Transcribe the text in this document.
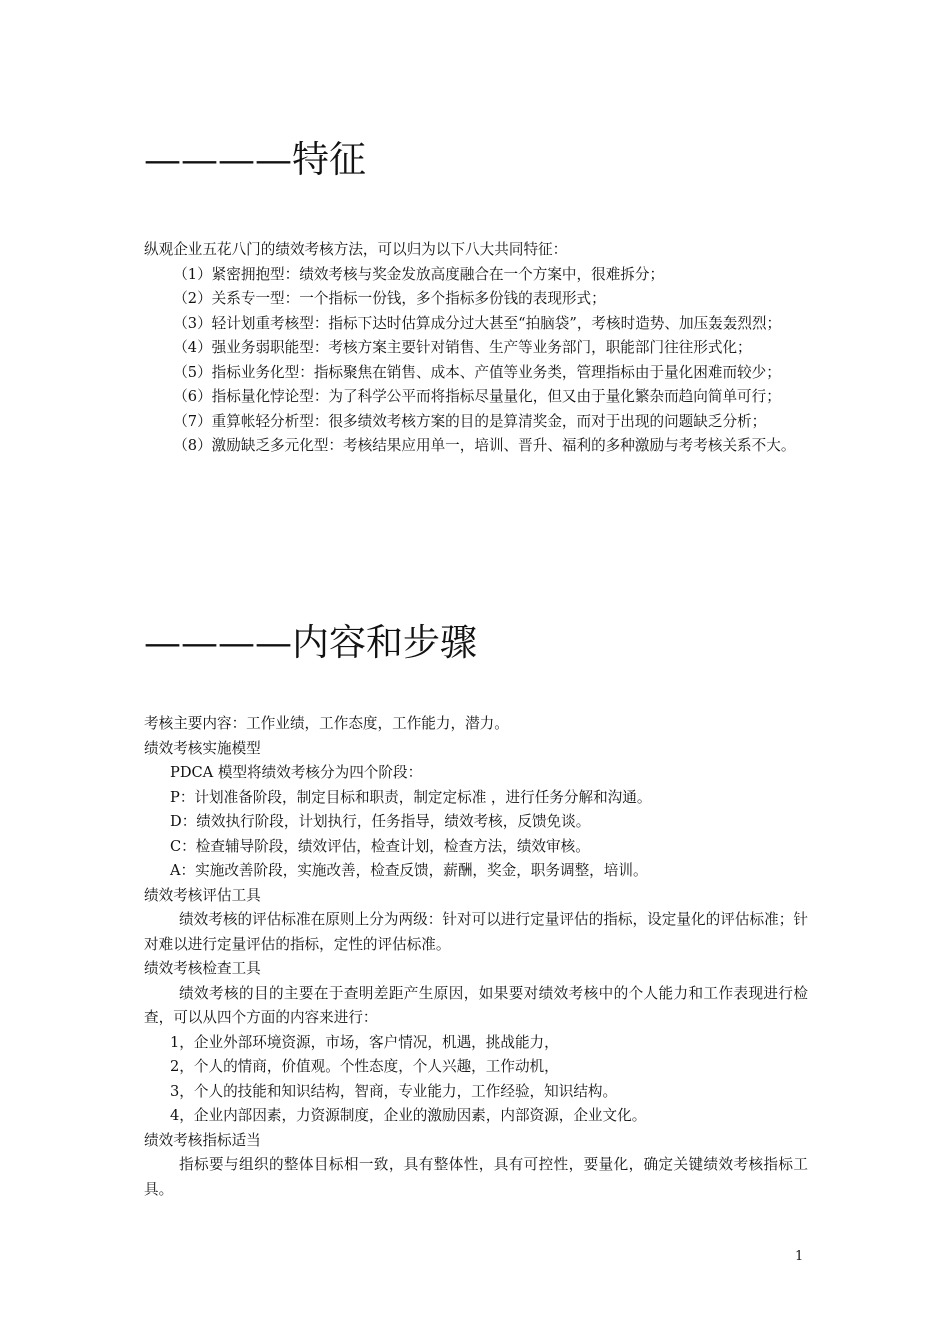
————特征

纵观企业五花八门的绩效考核方法，可以归为以下八大共同特征：

（1）紧密拥抱型：绩效考核与奖金发放高度融合在一个方案中，很难拆分；

（2）关系专一型：一个指标一份钱，多个指标多份钱的表现形式；

（3）轻计划重考核型：指标下达时估算成分过大甚至“拍脑袋”，考核时造势、加压轰轰烈烈；

（4）强业务弱职能型：考核方案主要针对销售、生产等业务部门，职能部门往往形式化；

（5）指标业务化型：指标聚焦在销售、成本、产值等业务类，管理指标由于量化困难而较少；

（6）指标量化悖论型：为了科学公平而将指标尽量量化，但又由于量化繁杂而趋向简单可行；

（7）重算帐轻分析型：很多绩效考核方案的目的是算清奖金，而对于出现的问题缺乏分析；

（8）激励缺乏多元化型：考核结果应用单一，培训、晋升、福利的多种激励与考考核关系不大。

————内容和步骤

考核主要内容：工作业绩，工作态度，工作能力，潜力。

绩效考核实施模型

PDCA 模型将绩效考核分为四个阶段：

P：计划准备阶段，制定目标和职责，制定定标准 ，进行任务分解和沟通。

D：绩效执行阶段，计划执行，任务指导，绩效考核，反馈免谈。

C：检查辅导阶段，绩效评估，检查计划，检查方法，绩效审核。

A：实施改善阶段，实施改善，检查反馈，薪酬，奖金，职务调整，培训。

绩效考核评估工具

绩效考核的评估标准在原则上分为两级：针对可以进行定量评估的指标，设定量化的评估标准；针对难以进行定量评估的指标，定性的评估标准。

绩效考核检查工具

绩效考核的目的主要在于查明差距产生原因，如果要对绩效考核中的个人能力和工作表现进行检查，可以从四个方面的内容来进行：

1，企业外部环境资源，市场，客户情况，机遇，挑战能力，

2，个人的情商，价值观。个性态度，个人兴趣，工作动机，

3，个人的技能和知识结构，智商，专业能力，工作经验，知识结构。

4，企业内部因素，力资源制度，企业的激励因素，内部资源，企业文化。

绩效考核指标适当

指标要与组织的整体目标相一致，具有整体性，具有可控性，要量化，确定关键绩效考核指标工具。

1
